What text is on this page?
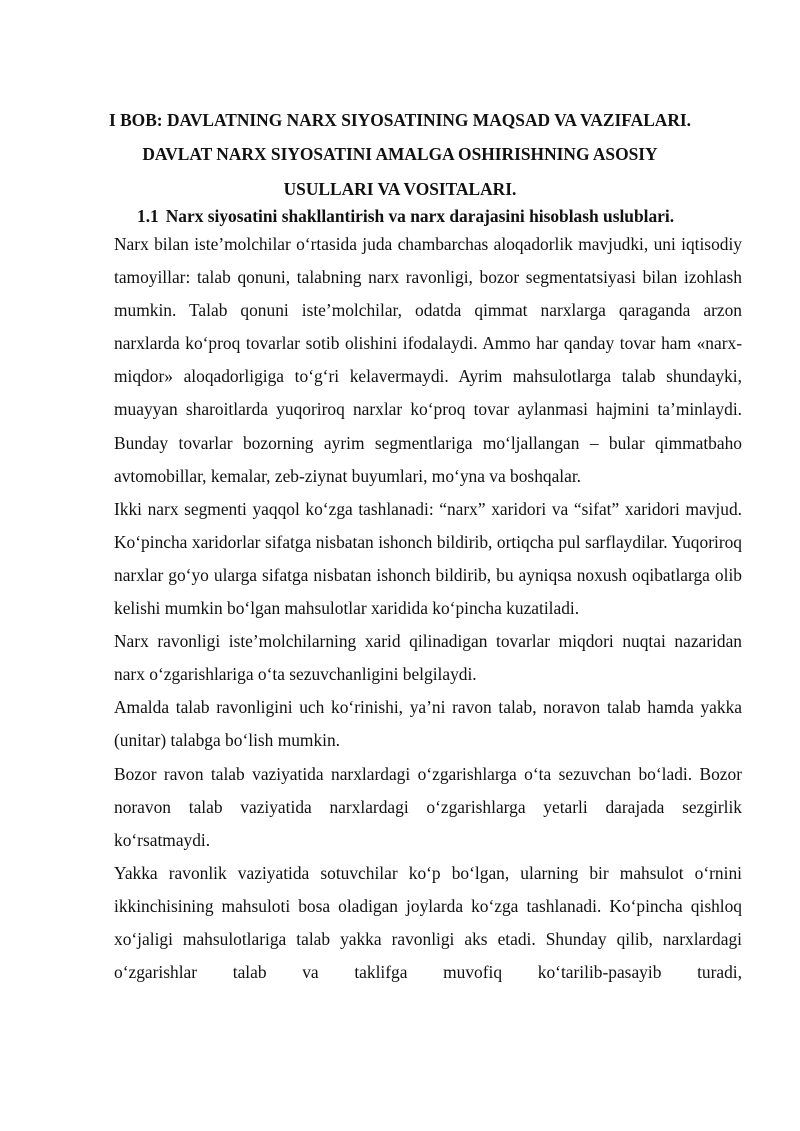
I BOB: DAVLATNING NARX SIYOSATINING MAQSAD VA VAZIFALARI. DAVLAT NARX SIYOSATINI AMALGA OSHIRISHNING ASOSIY USULLARI VA VOSITALARI.
1.1 Narx siyosatini shakllantirish va narx darajasini hisoblash uslublari.

Narx bilan iste’molchilar o‘rtasida juda chambarchas aloqadorlik mavjudki, uni iqtisodiy tamoyillar: talab qonuni, talabning narx ravonligi, bozor segmentatsiyasi bilan izohlash mumkin. Talab qonuni iste’molchilar, odatda qimmat narxlarga qaraganda arzon narxlarda ko‘proq tovarlar sotib olishini ifodalaydi. Ammo har qanday tovar ham «narx-miqdor» aloqadorligiga to‘g‘ri kelavermaydi. Ayrim mahsulotlarga talab shundayki, muayyan sharoitlarda yuqoriroq narxlar ko‘proq tovar aylanmasi hajmini ta’minlaydi. Bunday tovarlar bozorning ayrim segmentlariga mo‘ljallangan – bular qimmatbaho avtomobillar, kemalar, zeb-ziynat buyumlari, mo‘yna va boshqalar.

Ikki narx segmenti yaqqol ko‘zga tashlanadi: “narx” xaridori va “sifat” xaridori mavjud. Ko‘pincha xaridorlar sifatga nisbatan ishonch bildirib, ortiqcha pul sarflaydilar. Yuqoriroq narxlar go‘yo ularga sifatga nisbatan ishonch bildirib, bu ayniqsa noxush oqibatlarga olib kelishi mumkin bo‘lgan mahsulotlar xaridida ko‘pincha kuzatiladi.

Narx ravonligi iste’molchilarning xarid qilinadigan tovarlar miqdori nuqtai nazaridan narx o‘zgarishlariga o‘ta sezuvchanligini belgilaydi.

Amalda talab ravonligini uch ko‘rinishi, ya’ni ravon talab, noravon talab hamda yakka (unitar) talabga bo‘lish mumkin.

Bozor ravon talab vaziyatida narxlardagi o‘zgarishlarga o‘ta sezuvchan bo‘ladi. Bozor noravon talab vaziyatida narxlardagi o‘zgarishlarga yetarli darajada sezgirlik ko‘rsatmaydi.

Yakka ravonlik vaziyatida sotuvchilar ko‘p bo‘lgan, ularning bir mahsulot o‘rnini ikkinchisining mahsuloti bosa oladigan joylarda ko‘zga tashlanadi. Ko‘pincha qishloq xo‘jaligi mahsulotlariga talab yakka ravonligi aks etadi. Shunday qilib, narxlardagi o‘zgarishlar talab va taklifga muvofiq ko‘tarilib-pasayib turadi,
